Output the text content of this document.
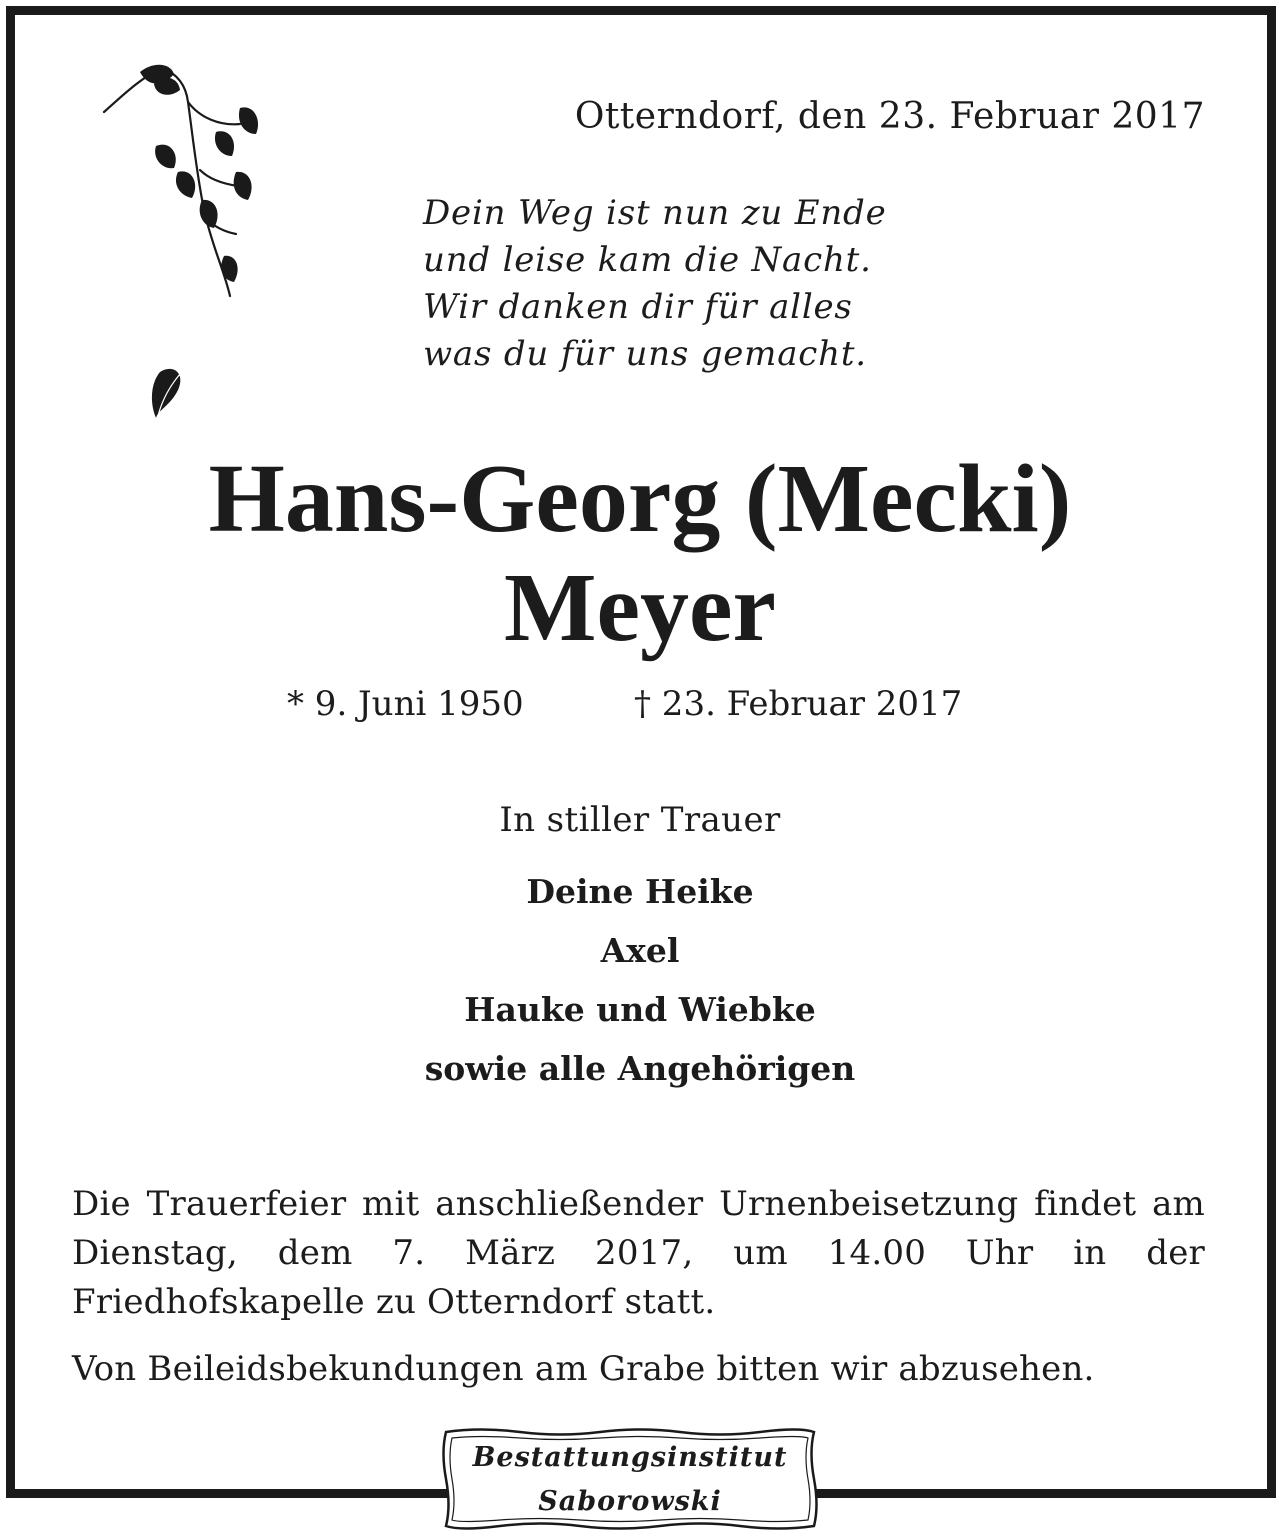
Otterndorf, den 23. Februar 2017
Dein Weg ist nun zu Ende
und leise kam die Nacht.
Wir danken dir für alles
was du für uns gemacht.
Hans-Georg (Mecki)
Meyer
* 9. Juni 1950	† 23. Februar 2017
In stiller Trauer
Deine Heike
Axel
Hauke und Wiebke
sowie alle Angehörigen
Die Trauerfeier mit anschließender Urnenbeisetzung findet am Dienstag, dem 7. März 2017, um 14.00 Uhr in der Friedhofskapelle zu Otterndorf statt.
Von Beileidsbekundungen am Grabe bitten wir abzusehen.
Bestattungsinstitut
Saborowski
